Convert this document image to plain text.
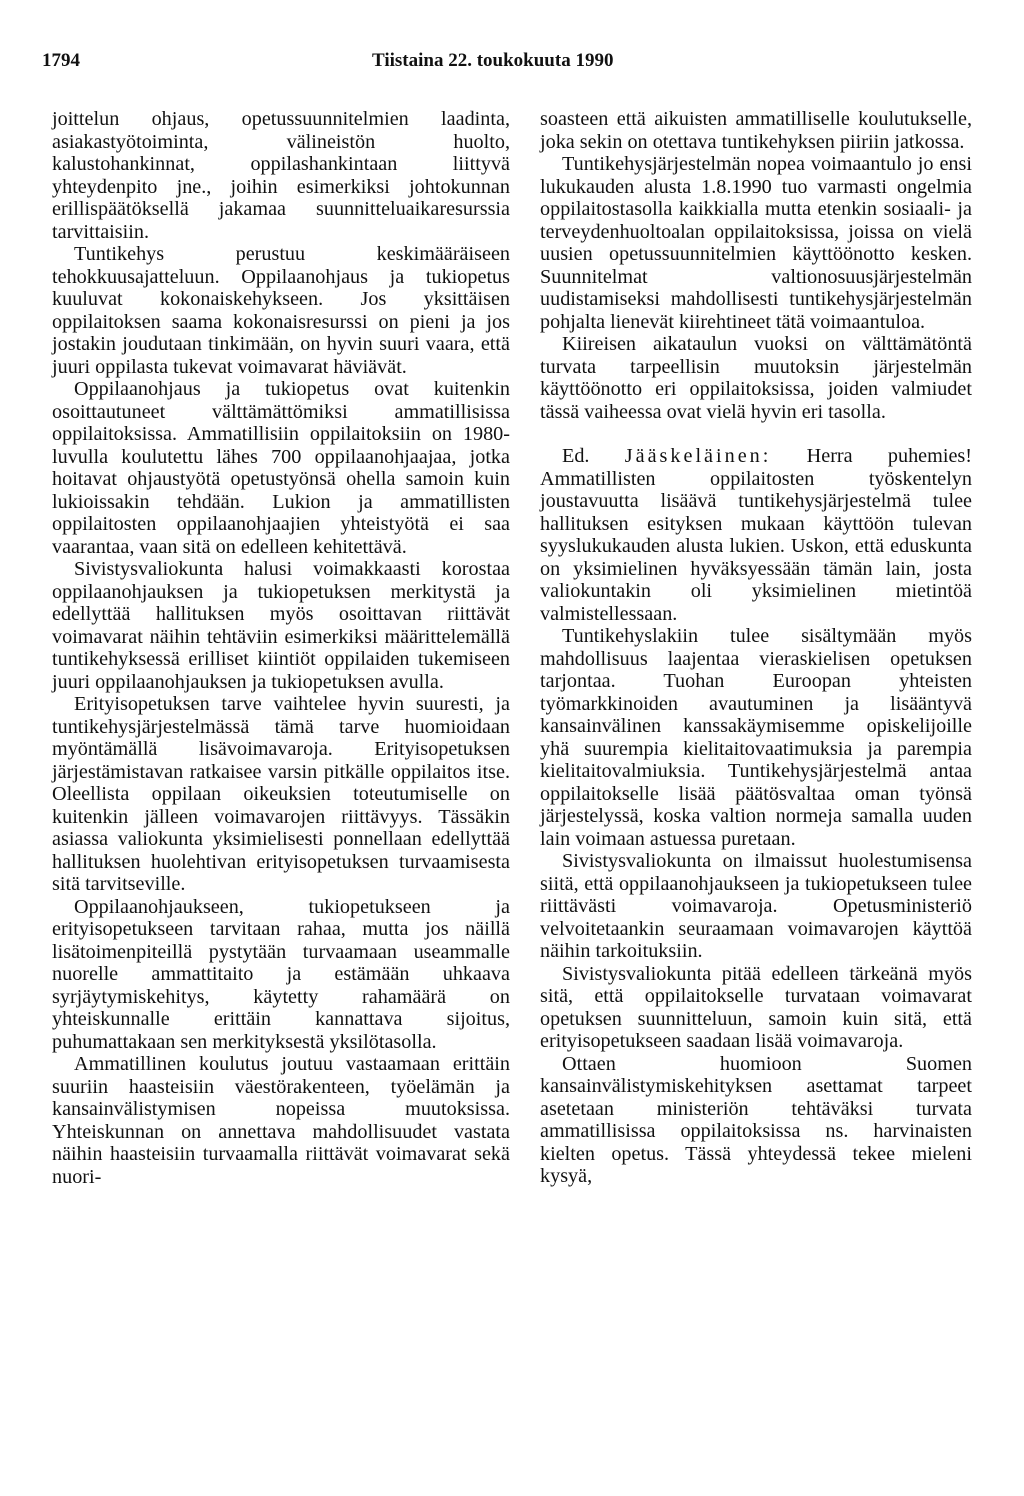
1794	Tiistaina 22. toukokuuta 1990

joittelun ohjaus, opetussuunnitelmien laadinta, asiakastyötoiminta, välineistön huolto, kalustohankinnat, oppilashankintaan liittyvä yhteydenpito jne., joihin esimerkiksi johtokunnan erillispäätöksellä jakamaa suunnitteluaikaresurssia tarvittaisiin.

Tuntikehys perustuu keskimääräiseen tehokkuusajatteluun. Oppilaanohjaus ja tukiopetus kuuluvat kokonaiskehykseen. Jos yksittäisen oppilaitoksen saama kokonaisresurssi on pieni ja jos jostakin joudutaan tinkimään, on hyvin suuri vaara, että juuri oppilasta tukevat voimavarat häviävät.

Oppilaanohjaus ja tukiopetus ovat kuitenkin osoittautuneet välttämättömiksi ammatillisissa oppilaitoksissa. Ammatillisiin oppilaitoksiin on 1980-luvulla koulutettu lähes 700 oppilaanohjaajaa, jotka hoitavat ohjaustyötä opetustyönsä ohella samoin kuin lukioissakin tehdään. Lukion ja ammatillisten oppilaitosten oppilaanohjaajien yhteistyötä ei saa vaarantaa, vaan sitä on edelleen kehitettävä.

Sivistysvaliokunta halusi voimakkaasti korostaa oppilaanohjauksen ja tukiopetuksen merkitystä ja edellyttää hallituksen myös osoittavan riittävät voimavarat näihin tehtäviin esimerkiksi määrittelemällä tuntikehyksessä erilliset kiintiöt oppilaiden tukemiseen juuri oppilaanohjauksen ja tukiopetuksen avulla.

Erityisopetuksen tarve vaihtelee hyvin suuresti, ja tuntikehysjärjestelmässä tämä tarve huomioidaan myöntämällä lisävoimavaroja. Erityisopetuksen järjestämistavan ratkaisee varsin pitkälle oppilaitos itse. Oleellista oppilaan oikeuksien toteutumiselle on kuitenkin jälleen voimavarojen riittävyys. Tässäkin asiassa valiokunta yksimielisesti ponnellaan edellyttää hallituksen huolehtivan erityisopetuksen turvaamisesta sitä tarvitseville.

Oppilaanohjaukseen, tukiopetukseen ja erityisopetukseen tarvitaan rahaa, mutta jos näillä lisätoimenpiteillä pystytään turvaamaan useammalle nuorelle ammattitaito ja estämään uhkaava syrjäytymiskehitys, käytetty rahamäärä on yhteiskunnalle erittäin kannattava sijoitus, puhumattakaan sen merkityksestä yksilötasolla.

Ammatillinen koulutus joutuu vastaamaan erittäin suuriin haasteisiin väestörakenteen, työelämän ja kansainvälistymisen nopeissa muutoksissa. Yhteiskunnan on annettava mahdollisuudet vastata näihin haasteisiin turvaamalla riittävät voimavarat sekä nuori-

soasteen että aikuisten ammatilliselle koulutukselle, joka sekin on otettava tuntikehyksen piiriin jatkossa.

Tuntikehysjärjestelmän nopea voimaantulo jo ensi lukukauden alusta 1.8.1990 tuo varmasti ongelmia oppilaitostasolla kaikkialla mutta etenkin sosiaali- ja terveydenhuoltoalan oppilaitoksissa, joissa on vielä uusien opetussuunnitelmien käyttöönotto kesken. Suunnitelmat valtionosuusjärjestelmän uudistamiseksi mahdollisesti tuntikehysjärjestelmän pohjalta lienevät kiirehtineet tätä voimaantuloa.

Kiireisen aikataulun vuoksi on välttämätöntä turvata tarpeellisin muutoksin järjestelmän käyttöönotto eri oppilaitoksissa, joiden valmiudet tässä vaiheessa ovat vielä hyvin eri tasolla.

Ed. Jääskeläinen: Herra puhemies! Ammatillisten oppilaitosten työskentelyn joustavuutta lisäävä tuntikehysjärjestelmä tulee hallituksen esityksen mukaan käyttöön tulevan syyslukukauden alusta lukien. Uskon, että eduskunta on yksimielinen hyväksyessään tämän lain, josta valiokuntakin oli yksimielinen mietintöä valmistellessaan.

Tuntikehyslakiin tulee sisältymään myös mahdollisuus laajentaa vieraskielisen opetuksen tarjontaa. Tuohan Euroopan yhteisten työmarkkinoiden avautuminen ja lisääntyvä kansainvälinen kanssakäymisemme opiskelijoille yhä suurempia kielitaitovaatimuksia ja parempia kielitaitovalmiuksia. Tuntikehysjärjestelmä antaa oppilaitokselle lisää päätösvaltaa oman työnsä järjestelyssä, koska valtion normeja samalla uuden lain voimaan astuessa puretaan.

Sivistysvaliokunta on ilmaissut huolestumisensa siitä, että oppilaanohjaukseen ja tukiopetukseen tulee riittävästi voimavaroja. Opetusministeriö velvoitetaankin seuraamaan voimavarojen käyttöä näihin tarkoituksiin.

Sivistysvaliokunta pitää edelleen tärkeänä myös sitä, että oppilaitokselle turvataan voimavarat opetuksen suunnitteluun, samoin kuin sitä, että erityisopetukseen saadaan lisää voimavaroja.

Ottaen huomioon Suomen kansainvälistymiskehityksen asettamat tarpeet asetetaan ministeriön tehtäväksi turvata ammatillisissa oppilaitoksissa ns. harvinaisten kielten opetus. Tässä yhteydessä tekee mieleni kysyä,
